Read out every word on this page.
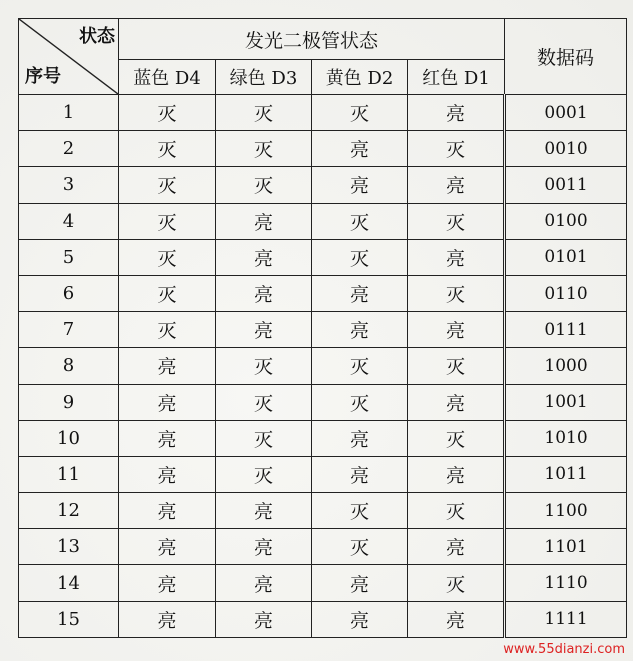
状态
序号	发光二极管状态				数据码
	蓝色 D4	绿色 D3	黄色 D2	红色 D1	
1	灭	灭	灭	亮	0001
2	灭	灭	亮	灭	0010
3	灭	灭	亮	亮	0011
4	灭	亮	灭	灭	0100
5	灭	亮	灭	亮	0101
6	灭	亮	亮	灭	0110
7	灭	亮	亮	亮	0111
8	亮	灭	灭	灭	1000
9	亮	灭	灭	亮	1001
10	亮	灭	亮	灭	1010
11	亮	灭	亮	亮	1011
12	亮	亮	灭	灭	1100
13	亮	亮	灭	亮	1101
14	亮	亮	亮	灭	1110
15	亮	亮	亮	亮	1111
www.55dianzi.com
